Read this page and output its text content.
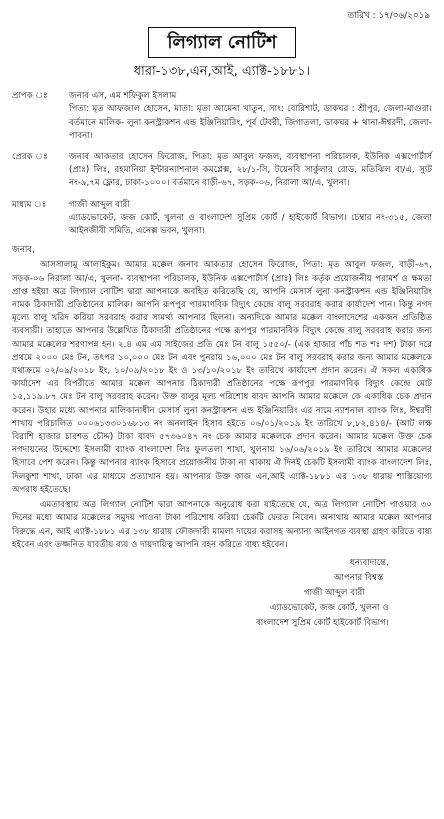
তারিখ : ১৭/০৬/২০১৯
লিগ্যাল নোটিশ
ধারা-১৩৮,এন,আই, এ্যাক্ট-১৮৮১।
প্রাপক ঃ	জনাব এস, এম শফিকুল ইসলাম
পিতা: মৃত আফজাল হোসেন, মাতা: মৃতা আমেনা খাতুন, সাং: বোরিশাট, ডাকঘর : শ্রীপুর, জেলা-মাগুরা। বর্তমানে মালিক- লুনা কনস্ট্রাকশন এন্ড ইঞ্জিনিয়ারিং, পূর্ব টেবরী, জিগাতলা, ডাকঘর + থানা-ঈশ্বরদী, জেলা-পাবনা।
প্রেরক ঃ	জনাব আকতার হোসেন ফিরোজ, পিতা: মৃত আবুল ফজল, ব্যবস্থাপনা পরিচালক, ইউনিক এক্সপোর্টার্স (প্রাঃ) লিঃ, রহমানিয়া ইন্টারন্যাশনাল কমপ্লেক্স, ২৮/১-সি, টয়েনবি সার্কুলার রোড, মতিঝিল বা/এ, স্যুট নং-৯,৭ম ফ্লোর, ঢাকা-১০০০। বর্তমানে বাড়ী-৬৭, সড়ক-০৬, নিরালা আ/এ, খুলনা।
মাধ্যম ঃ	গাজী আব্দুল বারী
এ্যাডভোকেট, জজ কোর্ট, খুলনা ও বাংলাদেশ সুপ্রিম কোর্ট / হাইকোর্ট বিভাগ। চেম্বার নং-৩১৫, জেলা আইনজীবী সমিতি, এনেক্স ভবন, খুলনা।
জনাব,
আসসালামু আলাইকুম। আমার মক্কেল জনাব আকতার হোসেন ফিরোজ, পিতা: মৃত আবুল ফজল, বাড়ী-৬৭, সড়ক-০৬ নিরালা আ/এ, খুলনা- ব্যবস্থাপনা পরিচালক, ইউনিক এক্সপোর্টার্স (প্রাঃ) লিঃ কর্তৃক প্রয়োজনীয় পরামর্শ ও ক্ষমতা প্রাপ্ত হইয়া অত্র লিগ্যাল নোটিশ দ্বারা আপনাকে অবহিত করিতেছি যে, আপনি মেসার্স লুনা কনস্ট্রাকশন এন্ড ইঞ্জিনিয়ারিং নামক ঠিকাদারী প্রতিষ্ঠানের মালিক। আপনি রূপপুর পারমাণবিক বিদ্যুৎ কেন্দ্রে বালু সরবরাহ করার কার্যাদেশ পান। কিন্তু নগদ মূল্যে বালু খরিদ করিয়া সরবরাহ করার সামর্থ্য আপনার ছিলনা। অন্যদিকে আমার মক্কেল বাংলাদেশের একজন প্রতিষ্ঠিত ব্যবসায়ী। তাহাতে আপনার উল্লেখিত ঠিকাদারী প্রতিষ্ঠানের পক্ষে রূপপুর পারমানবিক বিদ্যুৎ কেন্দ্রে বালু সরবরাহ করার জন্য আমার মক্কেলের শরণাপন্ন হন। ২.৪ এম এম সাইজের প্রতি মেঃ টন বালু ১৫৫০/- (এক হাজার পাঁচ শত শঃ দশ) টাকা দরে প্রথমে ২০০০ মেঃ টন, তৎপর ১০,০০০ মেঃ টন এবং পুনরায় ১৬,০০০ মেঃ টন বালু সরবরাহ করার জন্য আমার মক্কেলকে যথাক্রমে ০২/০৯/২০১৮ ইং, ১০/০৯/২০১৮ ইং ও ১৩/১০/২০১৮ ইং তারিখে কার্যাদেশ প্রদান করেন। ঐ সকল একাধিক কার্যাদেশ এর বিপরীতে আমার মক্কেল আপনার ঠিকাদারী প্রতিষ্ঠানের পক্ষে রূপপুর পারমাণবিক বিদ্যুৎ কেন্দ্রে মোট ১৫,১১৯.৮৭ মেঃ টন বালু সরবরাহ করেন। উক্ত বালুর মূল্য পরিশোধ বাবদ আপনি আমার মক্কেলে কে একাধিক চেক প্রদান করেন। উহার মধ্যে আপনার মালিকানাধীন মেসার্স লুনা কনস্ট্রাকশন এন্ড ইঞ্জিনিয়ারিং এর নামে ন্যাশনাল ব্যাংক লিঃ, ঈশ্বরদী শাখায় পরিচালিত ০০০৬১৩৩০১৬৮১৩ নং অনলাইন হিসাব হইতে ০৬/০১/২০১৯ ইং তারিখে ৮,৮২,৪১৪/- (আট লক্ষ বিরাশি হাজার চারশত চৌদ্দ) টাকা বাবদ ৫৭৩৬০৪৭ নং চেক আমার মক্কেলকে প্রদান করেন। আমার মক্কেল উক্ত চেক নগদায়নের উদ্দেশ্যে ইসলামী ব্যাংক বাংলাদেশ লিঃ ফুলতলা শাখা, খুলনায় ১৬/০৬/২০১৯ ইং তারিখে আমার মক্কেলের হিসাবে পেশ করেন। কিন্তু আপনার ব্যাংক হিসাবে প্রয়োজনীয় টাকা না থাকায় ঐ দিনই চেকটি ইসলামী ব্যাংক বাংলাদেশ লিঃ, দিলকুশা শাখা, ঢাকা এর মাধ্যমে প্রত্যাখান হয়। আপনার উক্ত কাজ এন,আই এ্যাক্ট-১৮৮১ এর ১৩৮ ধারায় শাস্তিযোগ্য অপরাধ হইতেছে।
এমতাবস্থায় অত্র লিগ্যাল নোটিশ দ্বারা আপনাকে অনুরোধ করা যাইতেছে যে, অত্র লিগ্যাল নোটিশ পাওয়ার ৩০ দিনের মধ্যে আমার মক্কেলের সমুদয় পাওনা টাকা পরিশোধ করিয়া চেকটি ফেরত নিবেন। অন্যথায় আমার মক্কেল আপনার বিরুদ্ধে এন, আই এ্যাক্ট-১৮৮১ এর ১৩৮ ধারায় ফৌজদারী মামলা দায়ের করাসহ অন্যান্য আইনগত ব্যবস্থা গ্রহণ করিতে বাধ্য হইবেন এবং তজ্জনিত যাবতীয় ব্যয় ও দায়দায়িত্ব আপনি বহন করিতে বাধ্য হইবেন।
ধন্যবাদান্তে,
আপনার বিশ্বস্ত
গাজী আব্দুল বারী
এ্যাডভোকেট, জজ কোর্ট, খুলনা ও
বাংলাদেশ সুপ্রিম কোর্ট হাইকোর্ট বিভাগ।
